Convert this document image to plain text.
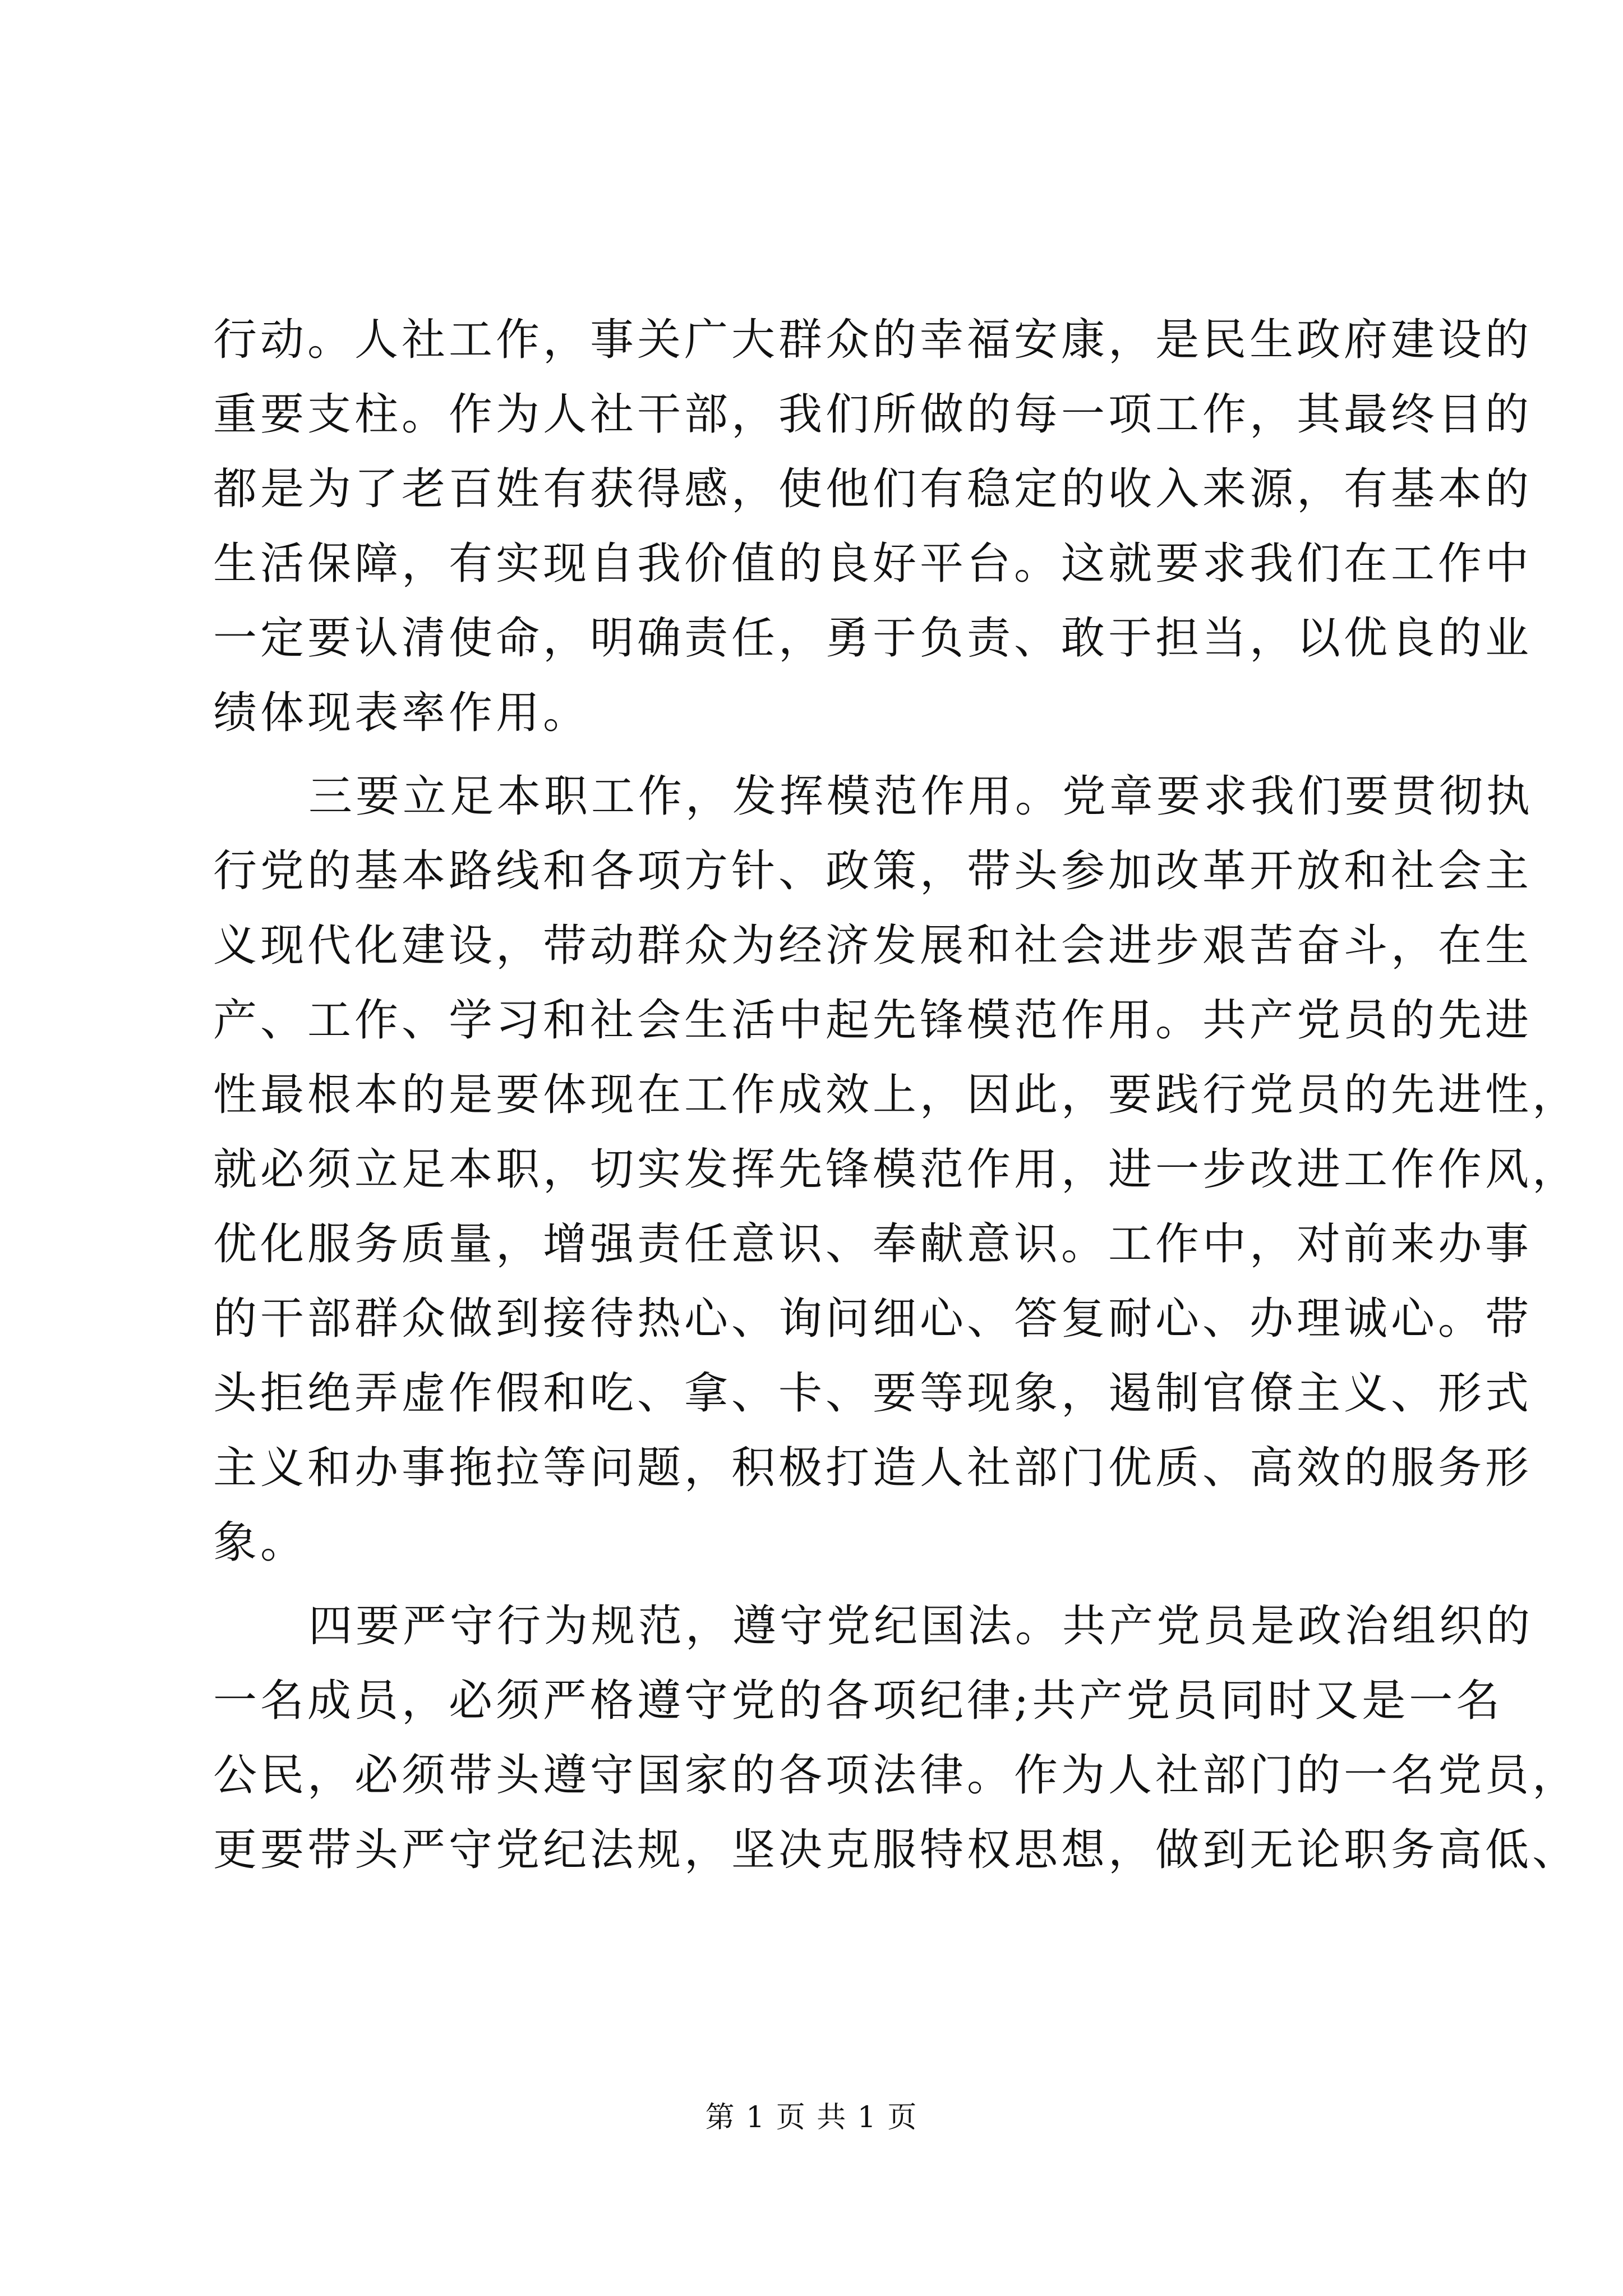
行动。人社工作，事关广大群众的幸福安康，是民生政府建设的
重要支柱。作为人社干部，我们所做的每一项工作，其最终目的
都是为了老百姓有获得感，使他们有稳定的收入来源，有基本的
生活保障，有实现自我价值的良好平台。这就要求我们在工作中
一定要认清使命，明确责任，勇于负责、敢于担当，以优良的业
绩体现表率作用。
三要立足本职工作，发挥模范作用。党章要求我们要贯彻执
行党的基本路线和各项方针、政策，带头参加改革开放和社会主
义现代化建设，带动群众为经济发展和社会进步艰苦奋斗，在生
产、工作、学习和社会生活中起先锋模范作用。共产党员的先进
性最根本的是要体现在工作成效上，因此，要践行党员的先进性，
就必须立足本职，切实发挥先锋模范作用，进一步改进工作作风，
优化服务质量，增强责任意识、奉献意识。工作中，对前来办事
的干部群众做到接待热心、询问细心、答复耐心、办理诚心。带
头拒绝弄虚作假和吃、拿、卡、要等现象，遏制官僚主义、形式
主义和办事拖拉等问题，积极打造人社部门优质、高效的服务形
象。
四要严守行为规范，遵守党纪国法。共产党员是政治组织的
一名成员，必须严格遵守党的各项纪律;共产党员同时又是一名
公民，必须带头遵守国家的各项法律。作为人社部门的一名党员，
更要带头严守党纪法规，坚决克服特权思想，做到无论职务高低、
第 1 页 共 1 页
